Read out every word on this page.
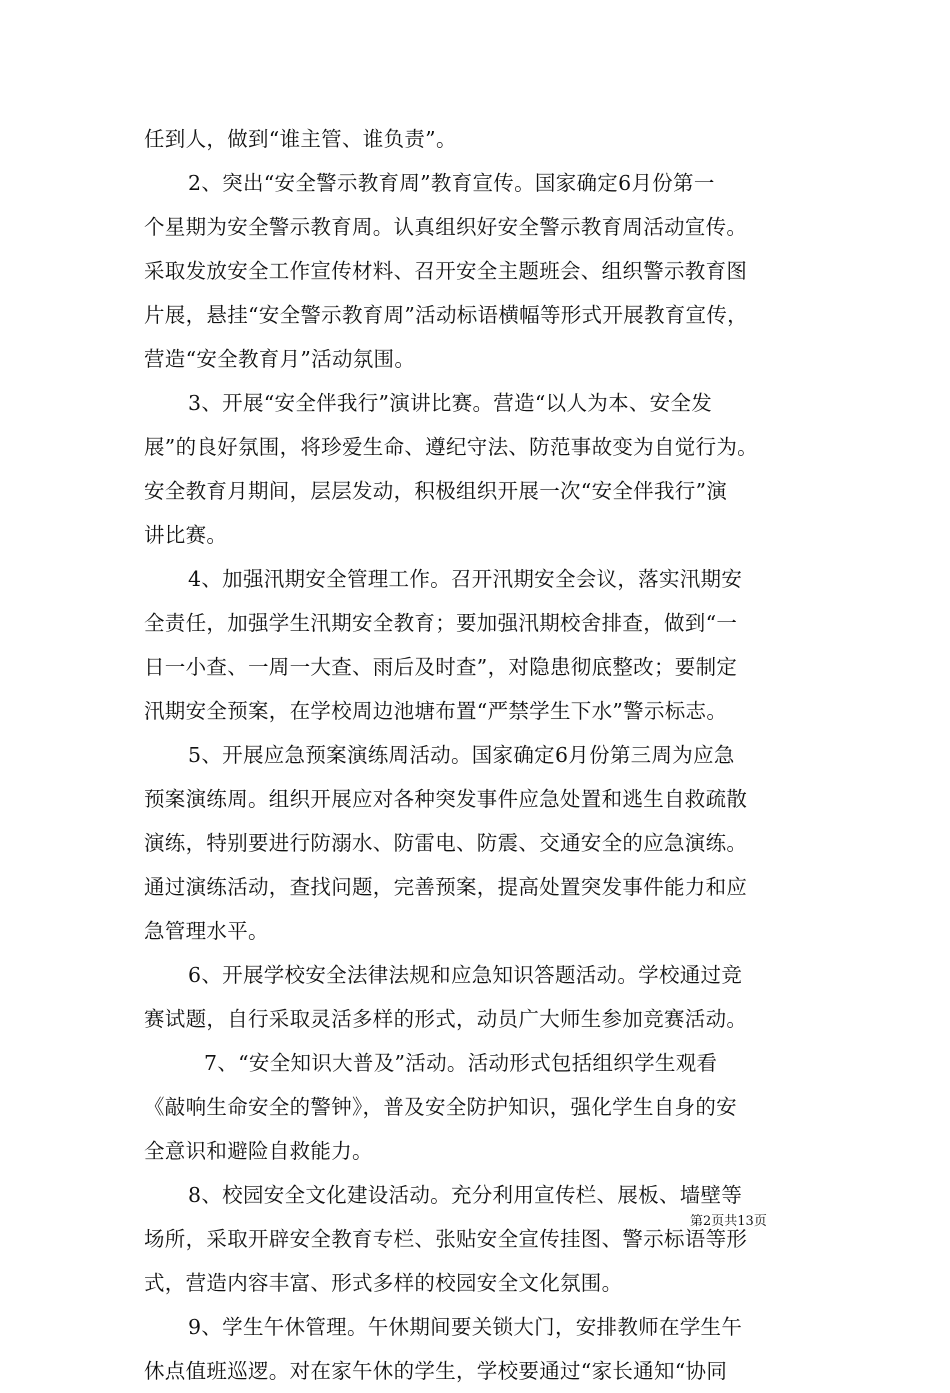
任到人，做到“谁主管、谁负责”。
2、突出“安全警示教育周”教育宣传。国家确定6月份第一
个星期为安全警示教育周。认真组织好安全警示教育周活动宣传。
采取发放安全工作宣传材料、召开安全主题班会、组织警示教育图
片展，悬挂“安全警示教育周”活动标语横幅等形式开展教育宣传，
营造“安全教育月”活动氛围。
3、开展“安全伴我行”演讲比赛。营造“以人为本、安全发
展”的良好氛围，将珍爱生命、遵纪守法、防范事故变为自觉行为。
安全教育月期间，层层发动，积极组织开展一次“安全伴我行”演
讲比赛。
4、加强汛期安全管理工作。召开汛期安全会议，落实汛期安
全责任，加强学生汛期安全教育；要加强汛期校舍排查，做到“一
日一小查、一周一大查、雨后及时查”，对隐患彻底整改；要制定
汛期安全预案，在学校周边池塘布置“严禁学生下水”警示标志。
5、开展应急预案演练周活动。国家确定6月份第三周为应急
预案演练周。组织开展应对各种突发事件应急处置和逃生自救疏散
演练，特别要进行防溺水、防雷电、防震、交通安全的应急演练。
通过演练活动，查找问题，完善预案，提高处置突发事件能力和应
急管理水平。
6、开展学校安全法律法规和应急知识答题活动。学校通过竞
赛试题，自行采取灵活多样的形式，动员广大师生参加竞赛活动。
7、“安全知识大普及”活动。活动形式包括组织学生观看
《敲响生命安全的警钟》，普及安全防护知识，强化学生自身的安
全意识和避险自救能力。
8、校园安全文化建设活动。充分利用宣传栏、展板、墙壁等
场所，采取开辟安全教育专栏、张贴安全宣传挂图、警示标语等形
式，营造内容丰富、形式多样的校园安全文化氛围。
9、学生午休管理。午休期间要关锁大门，安排教师在学生午
休点值班巡逻。对在家午休的学生，学校要通过“家长通知“协同
第2页共13页
